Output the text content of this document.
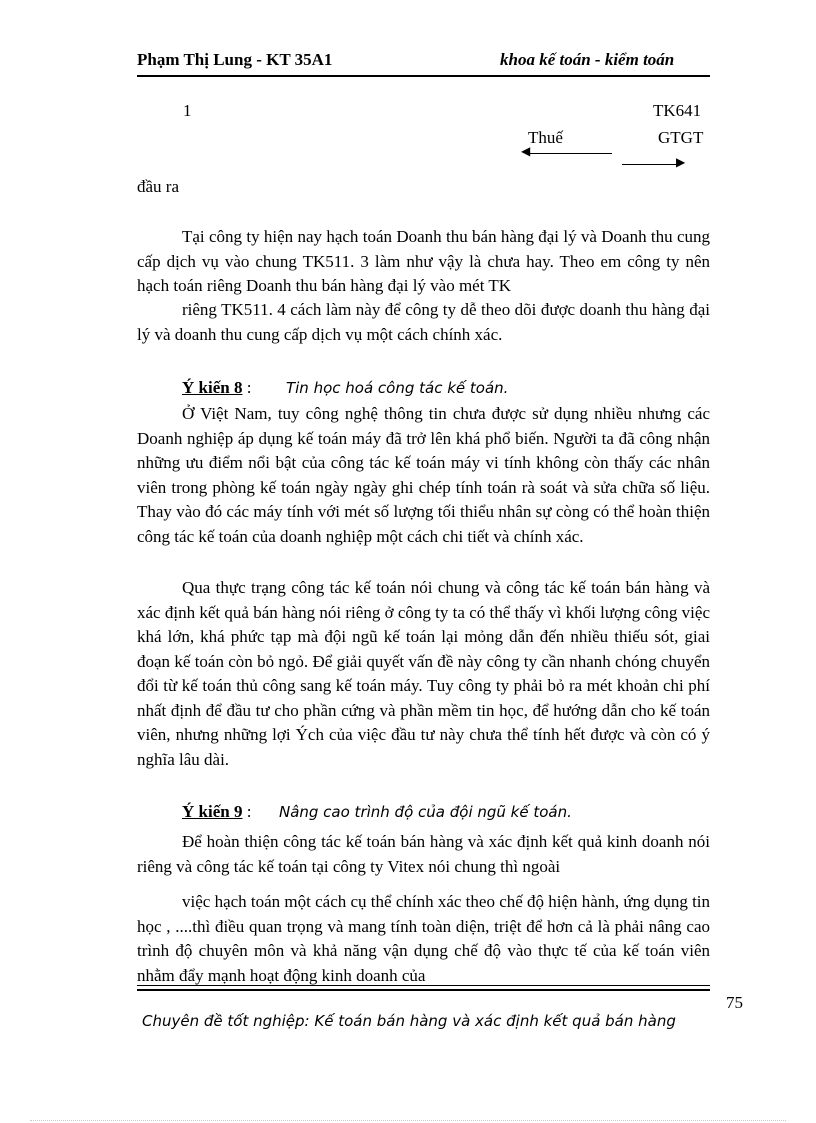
Phạm Thị Lung - KT 35A1	khoa kế toán - kiểm toán
1	TK641
Thuế	GTGT
◀
▶
đầu ra
Tại công ty hiện nay hạch toán Doanh thu bán hàng đại lý và Doanh thu cung cấp dịch vụ vào chung TK511. 3 làm như vậy là chưa hay. Theo em công ty nên hạch toán riêng Doanh thu bán hàng đại lý vào mét TK
riêng TK511. 4 cách làm này để công ty dễ theo dõi được doanh thu hàng đại lý và doanh thu cung cấp dịch vụ một cách chính xác.
Ý kiến 8 : Tin học hoá công tác kế toán.
Ở Việt Nam, tuy công nghệ thông tin chưa được sử dụng nhiều nhưng các Doanh nghiệp áp dụng kế toán máy đã trở lên khá phổ biến. Người ta đã công nhận những ưu điểm nổi bật của công tác kế toán máy vi tính không còn thấy các nhân viên trong phòng kế toán ngày ngày ghi chép tính toán rà soát và sửa chữa số liệu. Thay vào đó các máy tính với mét số lượng tối thiểu nhân sự còng có thể hoàn thiện công tác kế toán của doanh nghiệp một cách chi tiết và chính xác.
Qua thực trạng công tác kế toán nói chung và công tác kế toán bán hàng và xác định kết quả bán hàng nói riêng ở công ty ta có thể thấy vì khối lượng công việc khá lớn, khá phức tạp mà đội ngũ kế toán lại mỏng dẫn đến nhiều thiếu sót, giai đoạn kế toán còn bỏ ngỏ. Để giải quyết vấn đề này công ty cần nhanh chóng chuyển đổi từ kế toán thủ công sang kế toán máy. Tuy công ty phải bỏ ra mét khoản chi phí nhất định để đầu tư cho phần cứng và phần mềm tin học, để hướng dẫn cho kế toán viên, nhưng những lợi Ých của việc đầu tư này chưa thể tính hết được và còn có ý nghĩa lâu dài.
Ý kiến 9 : Nâng cao trình độ của đội ngũ kế toán.
Để hoàn thiện công tác kế toán bán hàng và xác định kết quả kinh doanh nói riêng và công tác kế toán tại công ty Vitex nói chung thì ngoài
việc hạch toán một cách cụ thể chính xác theo chế độ hiện hành, ứng dụng tin học , ....thì điều quan trọng và mang tính toàn diện, triệt để hơn cả là phải nâng cao trình độ chuyên môn và khả năng vận dụng chế độ vào thực tế của kế toán viên nhằm đẩy mạnh hoạt động kinh doanh của
75
Chuyên đề tốt nghiệp: Kế toán bán hàng và xác định kết quả bán hàng
